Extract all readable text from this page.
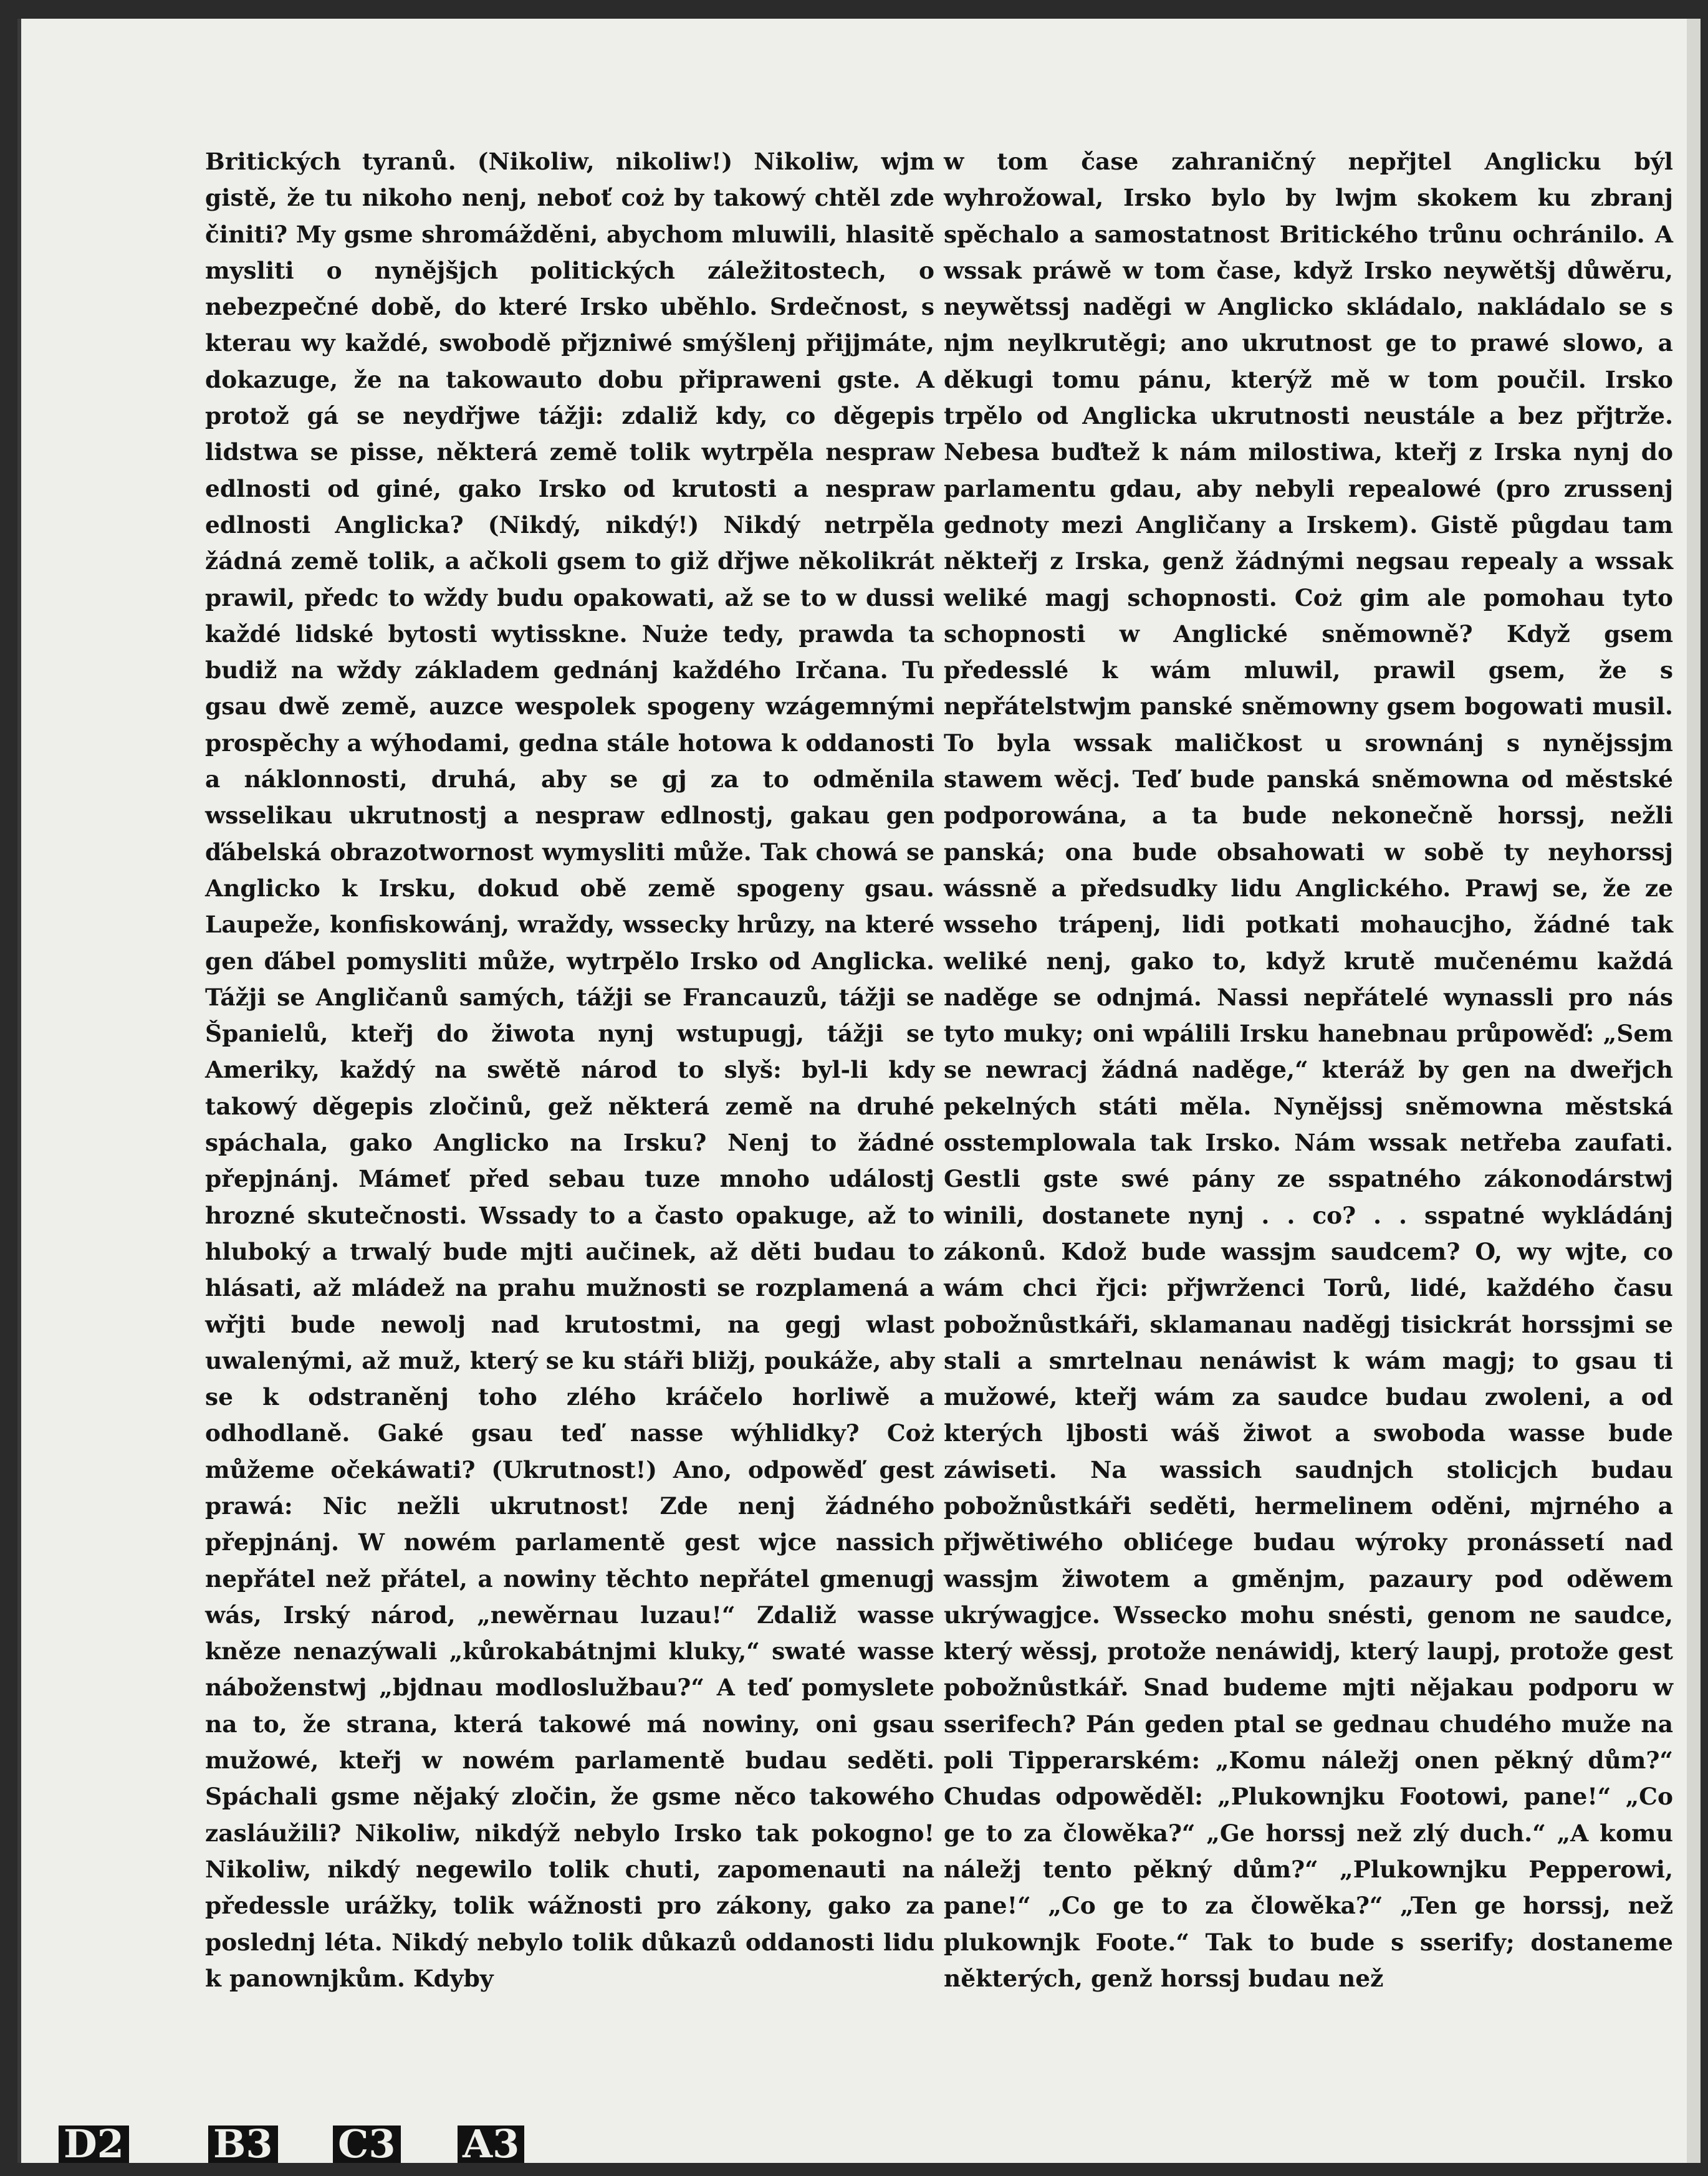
Britických tyranů. (Nikoliw, nikoliw!) Nikoliw, wjm gistě, že tu nikoho nenj, neboť coż by takowý chtěl zde činiti? My gsme shromážděni, abychom mluwili, hlasitě mysliti o nynějšjch politických záležitostech, o nebezpečné době, do které Irsko uběhlo. Srdečnost, s kterau wy každé, swobodě přjzniwé smýšlenj přijjmáte, dokazuge, že na takowauto dobu připraweni gste. A protož gá se neydřjwe tážji: zdaliž kdy, co děgepis lidstwa se pisse, některá země tolik wytrpěla nespraw edlnosti od giné, gako Irsko od krutosti a nespraw edlnosti Anglicka? (Nikdý, nikdý!) Nikdý netrpěla žádná země tolik, a ačkoli gsem to giž dřjwe několikrát prawil, předc to wždy budu opakowati, až se to w dussi každé lidské bytosti wytisskne. Nuże tedy, prawda ta budiž na wždy základem gednánj každého Irčana. Tu gsau dwě země, auzce wespolek spogeny wzágemnými prospěchy a wýhodami, gedna stále hotowa k oddanosti a náklonnosti, druhá, aby se gj za to odměnila wsselikau ukrutnostj a nespraw edlnostj, gakau gen ďábelská obrazotwornost wymysliti může. Tak chowá se Anglicko k Irsku, dokud obě země spogeny gsau. Laupeže, konfiskowánj, wraždy, wssecky hrůzy, na které gen ďábel pomysliti může, wytrpělo Irsko od Anglicka. Tážji se Angličanů samých, tážji se Francauzů, tážji se Španielů, kteřj do žiwota nynj wstupugj, tážji se Ameriky, každý na swětě národ to slyš: byl-li kdy takowý děgepis zločinů, gež některá země na druhé spáchala, gako Anglicko na Irsku? Nenj to žádné přepjnánj. Mámeť před sebau tuze mnoho událostj hrozné skutečnosti. Wssady to a často opakuge, až to hluboký a trwalý bude mjti aučinek, až děti budau to hlásati, až mládež na prahu mužnosti se rozplamená a wřjti bude newolj nad krutostmi, na gegj wlast uwalenými, až muž, který se ku stáři bližj, poukáže, aby se k odstraněnj toho zlého kráčelo horliwě a odhodlaně. Gaké gsau teď nasse wýhlidky? Coż můžeme očekáwati? (Ukrutnost!) Ano, odpowěď gest prawá: Nic nežli ukrutnost! Zde nenj žádného přepjnánj. W nowém parlamentě gest wjce nassich nepřátel než přátel, a nowiny těchto nepřátel gmenugj wás, Irský národ, „newěrnau luzau!“ Zdaliž wasse kněze nenazýwali „kůrokabátnjmi kluky,“ swaté wasse náboženstwj „bjdnau modloslužbau?“ A teď pomyslete na to, že strana, která takowé má nowiny, oni gsau mužowé, kteřj w nowém parlamentě budau seděti. Spáchali gsme nějaký zločin, že gsme něco takowého zasláužili? Nikoliw, nikdýž nebylo Irsko tak pokogno! Nikoliw, nikdý negewilo tolik chuti, zapomenauti na předessle urážky, tolik wážnosti pro zákony, gako za poslednj léta. Nikdý nebylo tolik důkazů oddanosti lidu k panownjkům. Kdyby

w tom čase zahraničný nepřjtel Anglicku býl wyhrožowal, Irsko bylo by lwjm skokem ku zbranj spěchalo a samostatnost Britického trůnu ochránilo. A wssak práwě w tom čase, když Irsko neywětšj důwěru, neywětssj naděgi w Anglicko skládalo, nakládalo se s njm neylkrutěgi; ano ukrutnost ge to prawé slowo, a děkugi tomu pánu, kterýž mě w tom poučil. Irsko trpělo od Anglicka ukrutnosti neustále a bez přjtrže. Nebesa buďtež k nám milostiwa, kteřj z Irska nynj do parlamentu gdau, aby nebyli repealowé (pro zrussenj gednoty mezi Angličany a Irskem). Gistě půgdau tam někteřj z Irska, genž žádnými negsau repealy a wssak weliké magj schopnosti. Coż gim ale pomohau tyto schopnosti w Anglické sněmowně? Když gsem předesslé k wám mluwil, prawil gsem, že s nepřátelstwjm panské sněmowny gsem bogowati musil. To byla wssak maličkost u srownánj s nynějssjm stawem wěcj. Teď bude panská sněmowna od městské podporowána, a ta bude nekonečně horssj, nežli panská; ona bude obsahowati w sobě ty neyhorssj wássně a předsudky lidu Anglického. Prawj se, že ze wsseho trápenj, lidi potkati mohaucjho, žádné tak weliké nenj, gako to, když krutě mučenému každá naděge se odnjmá. Nassi nepřátelé wynassli pro nás tyto muky; oni wpálili Irsku hanebnau průpowěď: „Sem se newracj žádná naděge,“ kteráž by gen na dweřjch pekelných státi měla. Nynějssj sněmowna městská osstemplowala tak Irsko. Nám wssak netřeba zaufati. Gestli gste swé pány ze sspatného zákonodárstwj winili, dostanete nynj . . co? . . sspatné wykládánj zákonů. Kdož bude wassjm saudcem? O, wy wjte, co wám chci řjci: přjwrženci Torů, lidé, každého času pobožnůstkáři, sklamanau naděgj tisickrát horssjmi se stali a smrtelnau nenáwist k wám magj; to gsau ti mužowé, kteřj wám za saudce budau zwoleni, a od kterých ljbosti wáš žiwot a swoboda wasse bude záwiseti. Na wassich saudnjch stolicjch budau pobožnůstkáři seděti, hermelinem oděni, mjrného a přjwětiwého oblićege budau wýroky pronássetí nad wassjm žiwotem a gměnjm, pazaury pod oděwem ukrýwagjce. Wssecko mohu snésti, genom ne saudce, který wěssj, protože nenáwidj, který laupj, protože gest pobožnůstkář. Snad budeme mjti nějakau podporu w sserifech? Pán geden ptal se gednau chudého muže na poli Tipperarském: „Komu náležj onen pěkný dům?“ Chudas odpowěděl: „Plukownjku Footowi, pane!“ „Co ge to za člowěka?“ „Ge horssj než zlý duch.“ „A komu náležj tento pěkný dům?“ „Plukownjku Pepperowi, pane!“ „Co ge to za člowěka?“ „Ten ge horssj, než plukownjk Foote.“ Tak to bude s sserify; dostaneme některých, genž horssj budau než

D2 B3 C3 A3
